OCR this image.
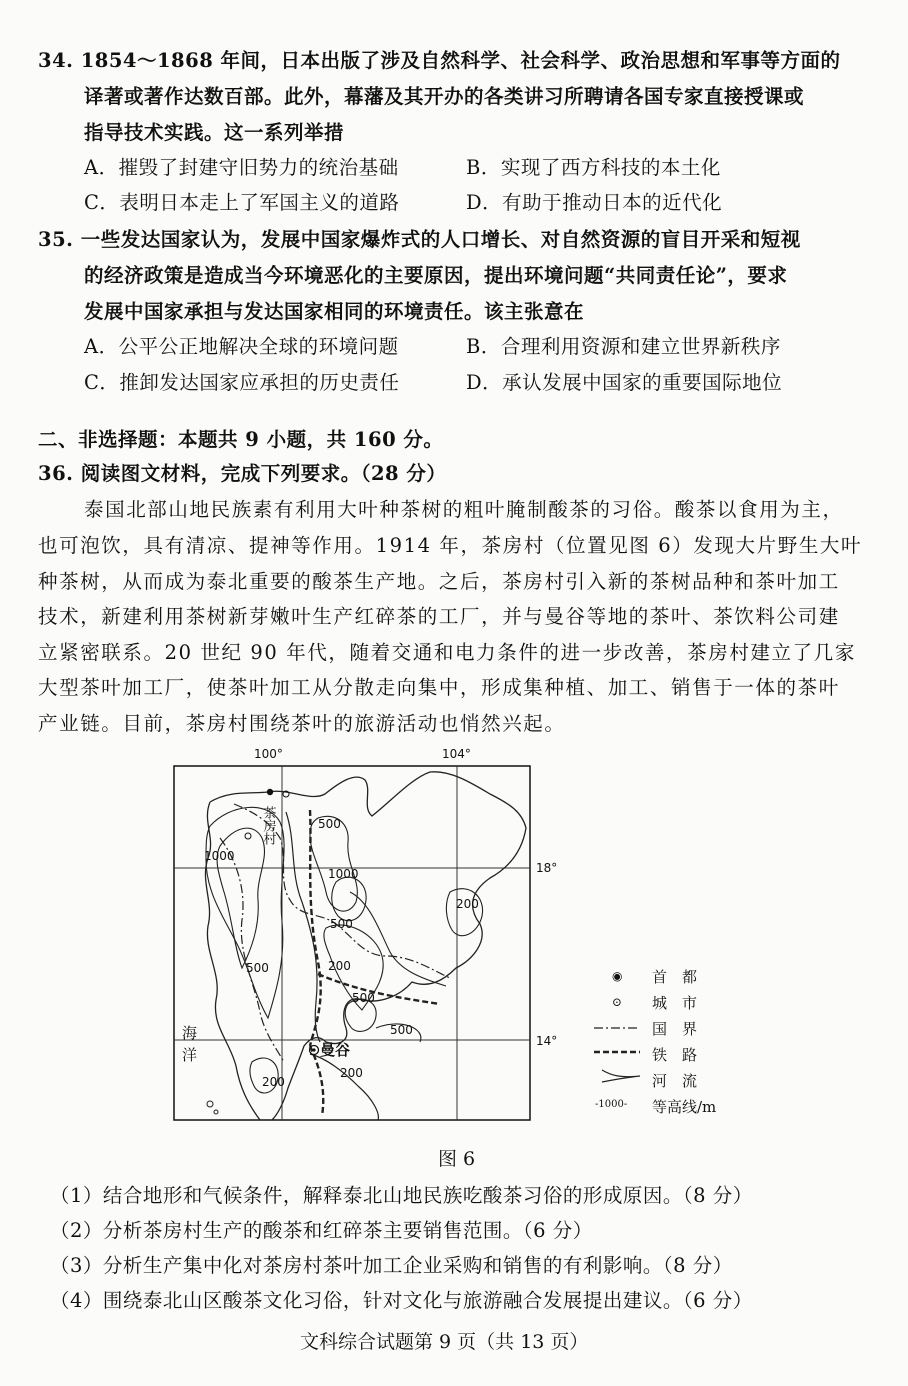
34. 1854～1868 年间，日本出版了涉及自然科学、社会科学、政治思想和军事等方面的
译著或著作达数百部。此外，幕藩及其开办的各类讲习所聘请各国专家直接授课或
指导技术实践。这一系列举措
A．摧毁了封建守旧势力的统治基础	B．实现了西方科技的本土化
C．表明日本走上了军国主义的道路	D．有助于推动日本的近代化
35. 一些发达国家认为，发展中国家爆炸式的人口增长、对自然资源的盲目开采和短视
的经济政策是造成当今环境恶化的主要原因，提出环境问题“共同责任论”，要求
发展中国家承担与发达国家相同的环境责任。该主张意在
A．公平公正地解决全球的环境问题	B．合理利用资源和建立世界新秩序
C．推卸发达国家应承担的历史责任	D．承认发展中国家的重要国际地位
二、非选择题：本题共 9 小题，共 160 分。
36. 阅读图文材料，完成下列要求。（28 分）
泰国北部山地民族素有利用大叶种茶树的粗叶腌制酸茶的习俗。酸茶以食用为主，
也可泡饮，具有清凉、提神等作用。1914 年，茶房村（位置见图 6）发现大片野生大叶
种茶树，从而成为泰北重要的酸茶生产地。之后，茶房村引入新的茶树品种和茶叶加工
技术，新建利用茶树新芽嫩叶生产红碎茶的工厂，并与曼谷等地的茶叶、茶饮料公司建
立紧密联系。20 世纪 90 年代，随着交通和电力条件的进一步改善，茶房村建立了几家
大型茶叶加工厂，使茶叶加工从分散走向集中，形成集种植、加工、销售于一体的茶叶
产业链。目前，茶房村围绕茶叶的旅游活动也悄然兴起。
100°	104°
18°
14°
500
1000
1000
500
500	200
200
500
500
200
200
茶房村
曼谷
海
洋
◉ 首　都
⊙ 城　市
国　界
铁　路
河　流
-1000- 等高线/m
图 6
（1）结合地形和气候条件，解释泰北山地民族吃酸茶习俗的形成原因。（8 分）
（2）分析茶房村生产的酸茶和红碎茶主要销售范围。（6 分）
（3）分析生产集中化对茶房村茶叶加工企业采购和销售的有利影响。（8 分）
（4）围绕泰北山区酸茶文化习俗，针对文化与旅游融合发展提出建议。（6 分）
文科综合试题第 9 页（共 13 页）
